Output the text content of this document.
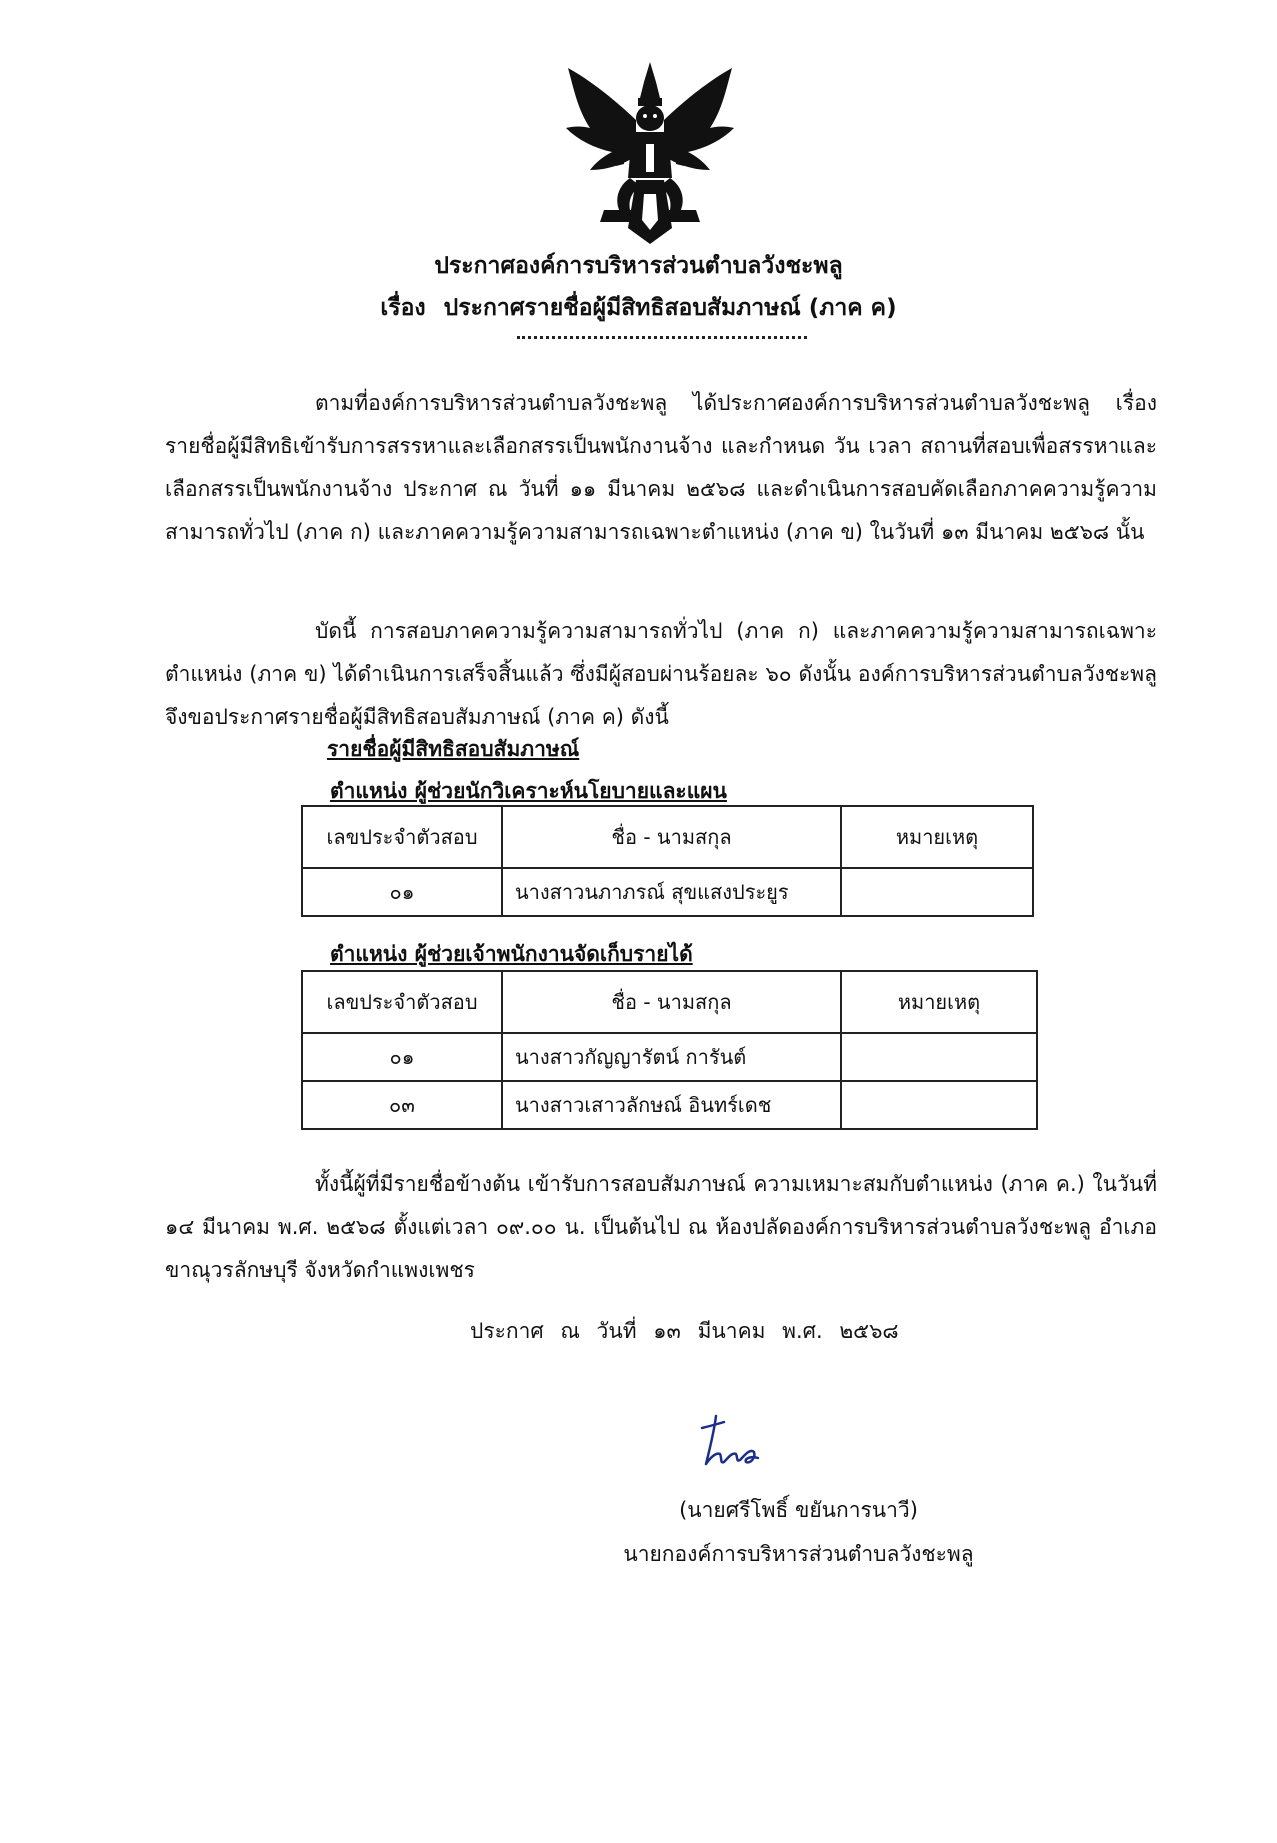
ประกาศองค์การบริหารส่วนตำบลวังชะพลู
เรื่อง ประกาศรายชื่อผู้มีสิทธิสอบสัมภาษณ์ (ภาค ค)
ตามที่องค์การบริหารส่วนตำบลวังชะพลู ได้ประกาศองค์การบริหารส่วนตำบลวังชะพลู เรื่อง รายชื่อผู้มีสิทธิเข้ารับการสรรหาและเลือกสรรเป็นพนักงานจ้าง และกำหนด วัน เวลา สถานที่สอบเพื่อสรรหาและเลือกสรรเป็นพนักงานจ้าง ประกาศ ณ วันที่ ๑๑ มีนาคม ๒๕๖๘ และดำเนินการสอบคัดเลือกภาคความรู้ความสามารถทั่วไป (ภาค ก) และภาคความรู้ความสามารถเฉพาะตำแหน่ง (ภาค ข) ในวันที่ ๑๓ มีนาคม ๒๕๖๘ นั้น
บัดนี้ การสอบภาคความรู้ความสามารถทั่วไป (ภาค ก) และภาคความรู้ความสามารถเฉพาะตำแหน่ง (ภาค ข) ได้ดำเนินการเสร็จสิ้นแล้ว ซึ่งมีผู้สอบผ่านร้อยละ ๖๐ ดังนั้น องค์การบริหารส่วนตำบลวังชะพลู จึงขอประกาศรายชื่อผู้มีสิทธิสอบสัมภาษณ์ (ภาค ค) ดังนี้
รายชื่อผู้มีสิทธิสอบสัมภาษณ์
ตำแหน่ง ผู้ช่วยนักวิเคราะห์นโยบายและแผน
เลขประจำตัวสอบ	ชื่อ - นามสกุล	หมายเหตุ
๐๑	นางสาวนภาภรณ์ สุขแสงประยูร	
ตำแหน่ง ผู้ช่วยเจ้าพนักงานจัดเก็บรายได้
เลขประจำตัวสอบ	ชื่อ - นามสกุล	หมายเหตุ
๐๑	นางสาวกัญญารัตน์ การันต์	
๐๓	นางสาวเสาวลักษณ์ อินทร์เดช	
ทั้งนี้ผู้ที่มีรายชื่อข้างต้น เข้ารับการสอบสัมภาษณ์ ความเหมาะสมกับตำแหน่ง (ภาค ค.) ในวันที่ ๑๔ มีนาคม พ.ศ. ๒๕๖๘ ตั้งแต่เวลา ๐๙.๐๐ น. เป็นต้นไป ณ ห้องปลัดองค์การบริหารส่วนตำบลวังชะพลู อำเภอขาณุวรลักษบุรี จังหวัดกำแพงเพชร
ประกาศ ณ วันที่ ๑๓ มีนาคม พ.ศ. ๒๕๖๘
(นายศรีโพธิ์ ขยันการนาวี)
นายกองค์การบริหารส่วนตำบลวังชะพลู
